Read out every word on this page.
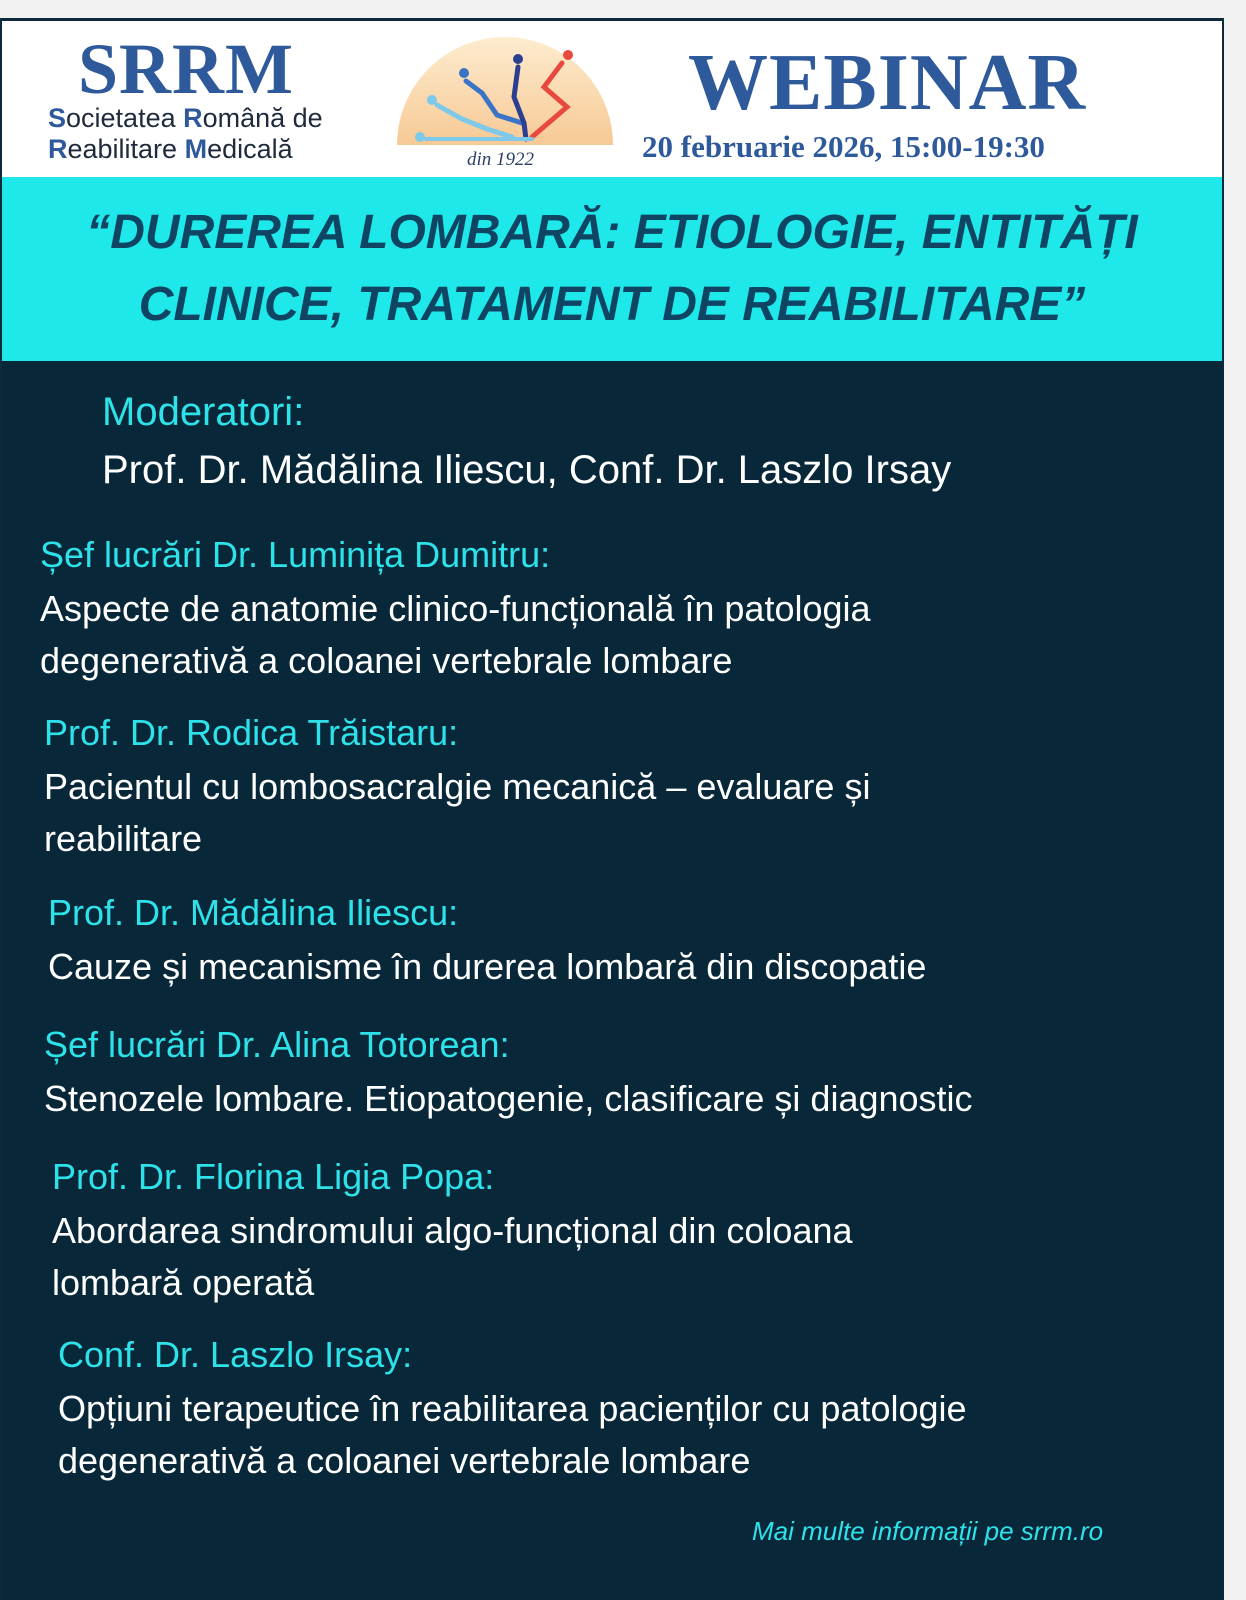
SRRM
Societatea Română de
Reabilitare Medicală	din 1922
WEBINAR
20 februarie 2026, 15:00-19:30
“DUREREA LOMBARĂ: ETIOLOGIE, ENTITĂȚI
CLINICE, TRATAMENT DE REABILITARE”
Moderatori:
Prof. Dr. Mădălina Iliescu, Conf. Dr. Laszlo Irsay
Șef lucrări Dr. Luminița Dumitru:
Aspecte de anatomie clinico-funcțională în patologia
degenerativă a coloanei vertebrale lombare
Prof. Dr. Rodica Trăistaru:
Pacientul cu lombosacralgie mecanică – evaluare și
reabilitare
Prof. Dr. Mădălina Iliescu:
Cauze și mecanisme în durerea lombară din discopatie
Șef lucrări Dr. Alina Totorean:
Stenozele lombare. Etiopatogenie, clasificare și diagnostic
Prof. Dr. Florina Ligia Popa:
Abordarea sindromului algo-funcțional din coloana
lombară operată
Conf. Dr. Laszlo Irsay:
Opțiuni terapeutice în reabilitarea pacienților cu patologie
degenerativă a coloanei vertebrale lombare
Mai multe informații pe srrm.ro
